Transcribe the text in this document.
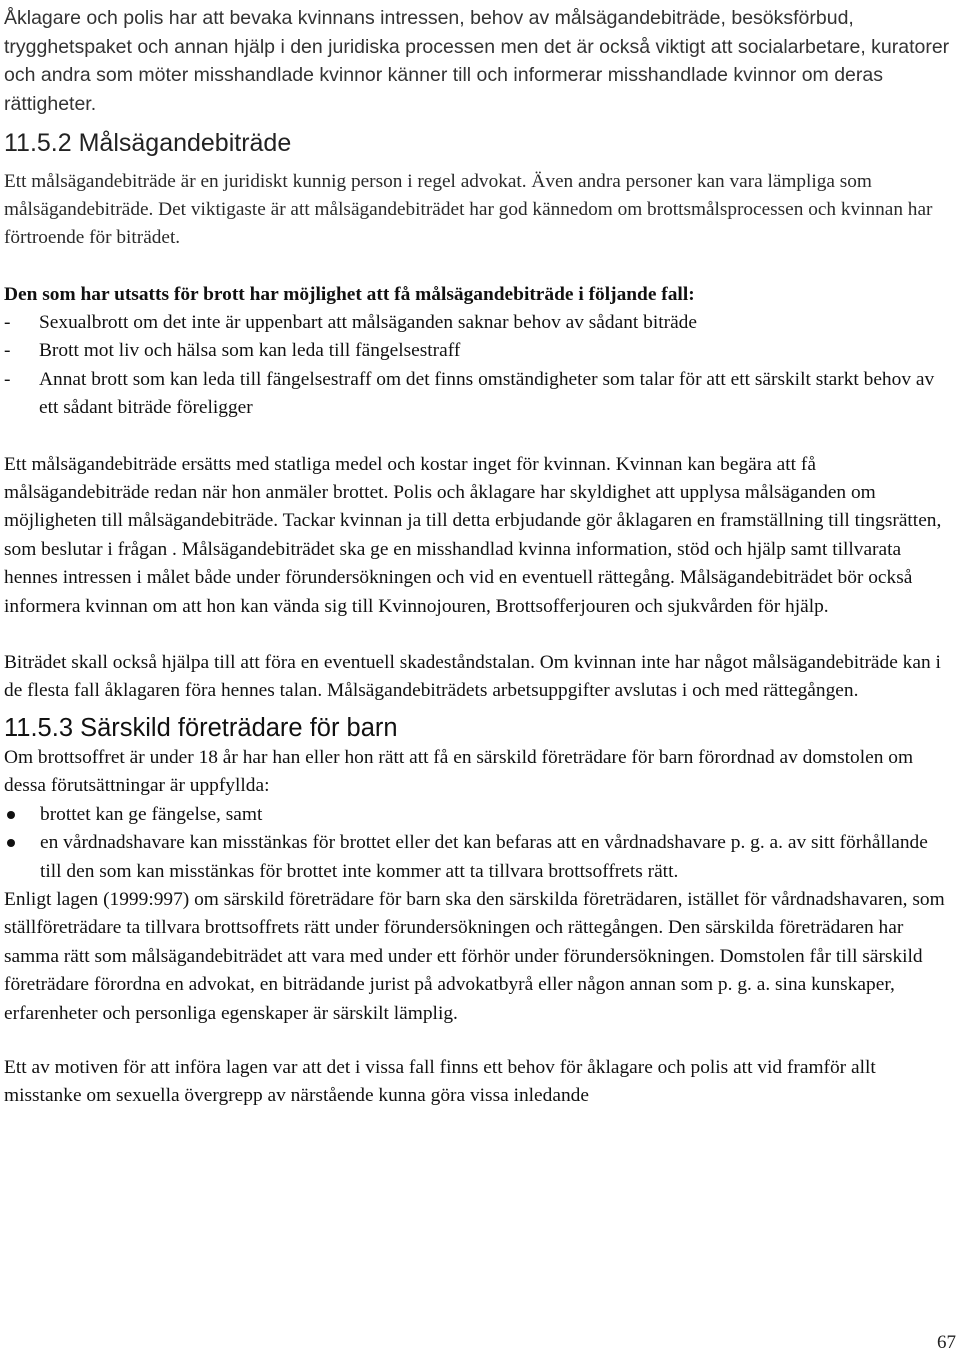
Åklagare och polis har att bevaka kvinnans intressen, behov av målsägandebiträde, besöksförbud, trygghetspaket och annan hjälp i den juridiska processen men det är också viktigt att socialarbetare, kuratorer och andra som möter misshandlade kvinnor känner till och informerar misshandlade kvinnor om deras rättigheter.

11.5.2 Målsägandebiträde

Ett målsägandebiträde är en juridiskt kunnig person i regel advokat. Även andra personer kan vara lämpliga som målsägandebiträde. Det viktigaste är att målsägandebiträdet har god kännedom om brottsmålsprocessen och kvinnan har förtroende för biträdet.

Den som har utsatts för brott har möjlighet att få målsägandebiträde i följande fall:

- Sexualbrott om det inte är uppenbart att målsäganden saknar behov av sådant biträde
- Brott mot liv och hälsa som kan leda till fängelsestraff
- Annat brott som kan leda till fängelsestraff om det finns omständigheter som talar för att ett särskilt starkt behov av ett sådant biträde föreligger

Ett målsägandebiträde ersätts med statliga medel och kostar inget för kvinnan. Kvinnan kan begära att få målsägandebiträde redan när hon anmäler brottet. Polis och åklagare har skyldighet att upplysa målsäganden om möjligheten till målsägandebiträde. Tackar kvinnan ja till detta erbjudande gör åklagaren en framställning till tingsrätten, som beslutar i frågan . Målsägandebiträdet ska ge en misshandlad kvinna information, stöd och hjälp samt tillvarata hennes intressen i målet både under förundersökningen och vid en eventuell rättegång. Målsägandebiträdet bör också informera kvinnan om att hon kan vända sig till Kvinnojouren, Brottsofferjouren och sjukvården för hjälp.

Biträdet skall också hjälpa till att föra en eventuell skadeståndstalan. Om kvinnan inte har något målsägandebiträde kan i de flesta fall åklagaren föra hennes talan. Målsägandebiträdets arbetsuppgifter avslutas i och med rättegången.

11.5.3 Särskild företrädare för barn

Om brottsoffret är under 18 år har han eller hon rätt att få en särskild företrädare för barn förordnad av domstolen om dessa förutsättningar är uppfyllda:

brottet kan ge fängelse, samt
en vårdnadshavare kan misstänkas för brottet eller det kan befaras att en vårdnadshavare p. g. a. av sitt förhållande till den som kan misstänkas för brottet inte kommer att ta tillvara brottsoffrets rätt.

Enligt lagen (1999:997) om särskild företrädare för barn ska den särskilda företrädaren, istället för vårdnadshavaren, som ställföreträdare ta tillvara brottsoffrets rätt under förundersökningen och rättegången. Den särskilda företrädaren har samma rätt som målsägandebiträdet att vara med under ett förhör under förundersökningen. Domstolen får till särskild företrädare förordna en advokat, en biträdande jurist på advokatbyrå eller någon annan som p. g. a. sina kunskaper, erfarenheter och personliga egenskaper är särskilt lämplig.

Ett av motiven för att införa lagen var att det i vissa fall finns ett behov för åklagare och polis att vid framför allt misstanke om sexuella övergrepp av närstående kunna göra vissa inledande

67
